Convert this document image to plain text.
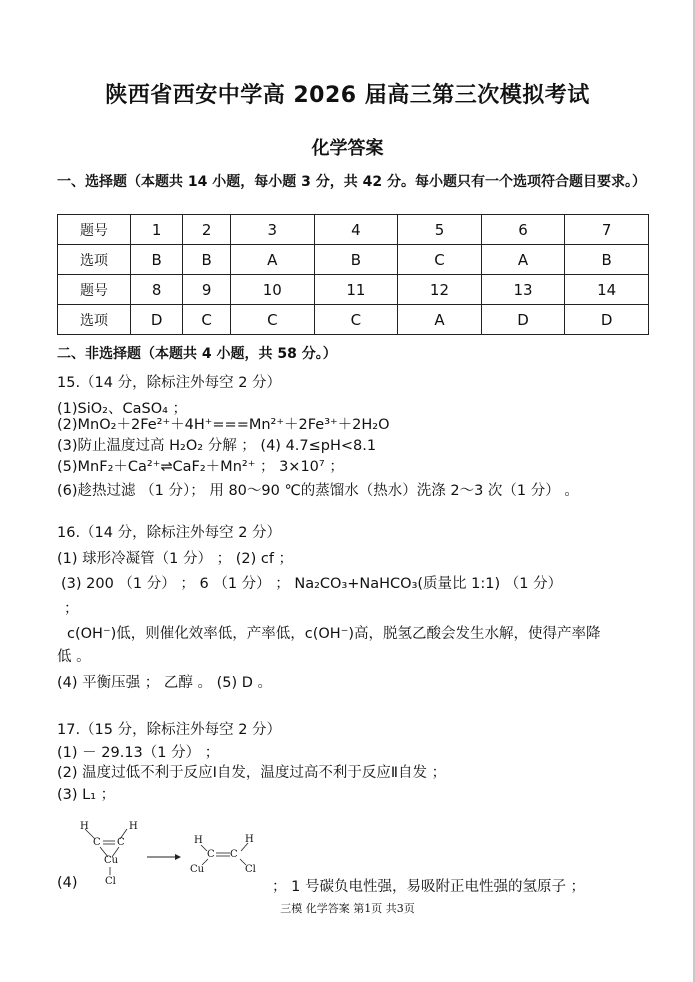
陕西省西安中学高 2026 届高三第三次模拟考试
化学答案
一、选择题（本题共 14 小题，每小题 3 分，共 42 分。每小题只有一个选项符合题目要求。）
题号	1	2	3	4	5	6	7
选项	B	B	A	B	C	A	B
题号	8	9	10	11	12	13	14
选项	D	C	C	C	A	D	D
二、非选择题（本题共 4 小题，共 58 分。）
15.（14 分，除标注外每空 2 分）
(1)SiO₂、CaSO₄ ；
(2)MnO₂＋2Fe²⁺＋4H⁺===Mn²⁺＋2Fe³⁺＋2H₂O
(3)防止温度过高 H₂O₂ 分解 ； (4) 4.7≤pH<8.1
(5)MnF₂＋Ca²⁺⇌CaF₂＋Mn²⁺ ； 3×10⁷ ；
(6)趁热过滤 （1 分）； 用 80～90 ℃的蒸馏水（热水）洗涤 2～3 次（1 分） 。
16.（14 分，除标注外每空 2 分）
(1) 球形冷凝管（1 分） ； (2) cf ；
(3) 200 （1 分） ； 6 （1 分） ； Na₂CO₃+NaHCO₃(质量比 1:1) （1 分）
；
c(OH⁻)低，则催化效率低，产率低，c(OH⁻)高，脱氢乙酸会发生水解，使得产率降
低 。
(4) 平衡压强 ； 乙醇 。 (5) D 。
17.（15 分，除标注外每空 2 分）
(1) － 29.13（1 分） ；
(2) 温度过低不利于反应Ⅰ自发，温度过高不利于反应Ⅱ自发 ；
(3) L₁ ；
H	H
C C
Cu
Cl
H	H
C C
Cu	Cl
(4)	； 1 号碳负电性强，易吸附正电性强的氢原子 ；
三模 化学答案 第1页 共3页
